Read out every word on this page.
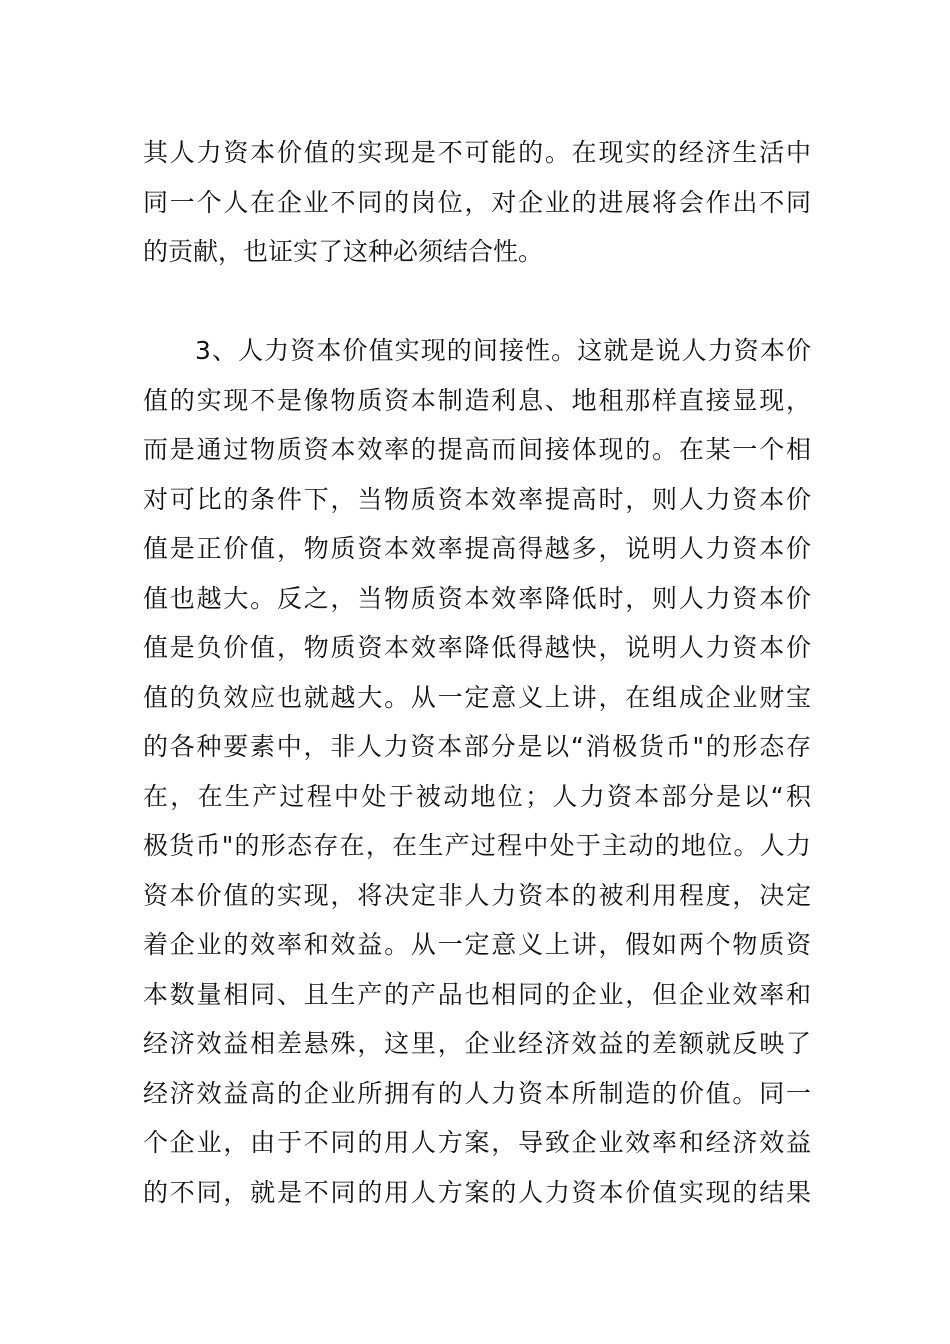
其人力资本价值的实现是不可能的。在现实的经济生活中
同一个人在企业不同的岗位，对企业的进展将会作出不同
的贡献，也证实了这种必须结合性。
3、人力资本价值实现的间接性。这就是说人力资本价
值的实现不是像物质资本制造利息、地租那样直接显现，
而是通过物质资本效率的提高而间接体现的。在某一个相
对可比的条件下，当物质资本效率提高时，则人力资本价
值是正价值，物质资本效率提高得越多，说明人力资本价
值也越大。反之，当物质资本效率降低时，则人力资本价
值是负价值，物质资本效率降低得越快，说明人力资本价
值的负效应也就越大。从一定意义上讲，在组成企业财宝
的各种要素中，非人力资本部分是以“消极货币"的形态存
在，在生产过程中处于被动地位；人力资本部分是以“积
极货币"的形态存在，在生产过程中处于主动的地位。人力
资本价值的实现，将决定非人力资本的被利用程度，决定
着企业的效率和效益。从一定意义上讲，假如两个物质资
本数量相同、且生产的产品也相同的企业，但企业效率和
经济效益相差悬殊，这里，企业经济效益的差额就反映了
经济效益高的企业所拥有的人力资本所制造的价值。同一
个企业，由于不同的用人方案，导致企业效率和经济效益
的不同，就是不同的用人方案的人力资本价值实现的结果
